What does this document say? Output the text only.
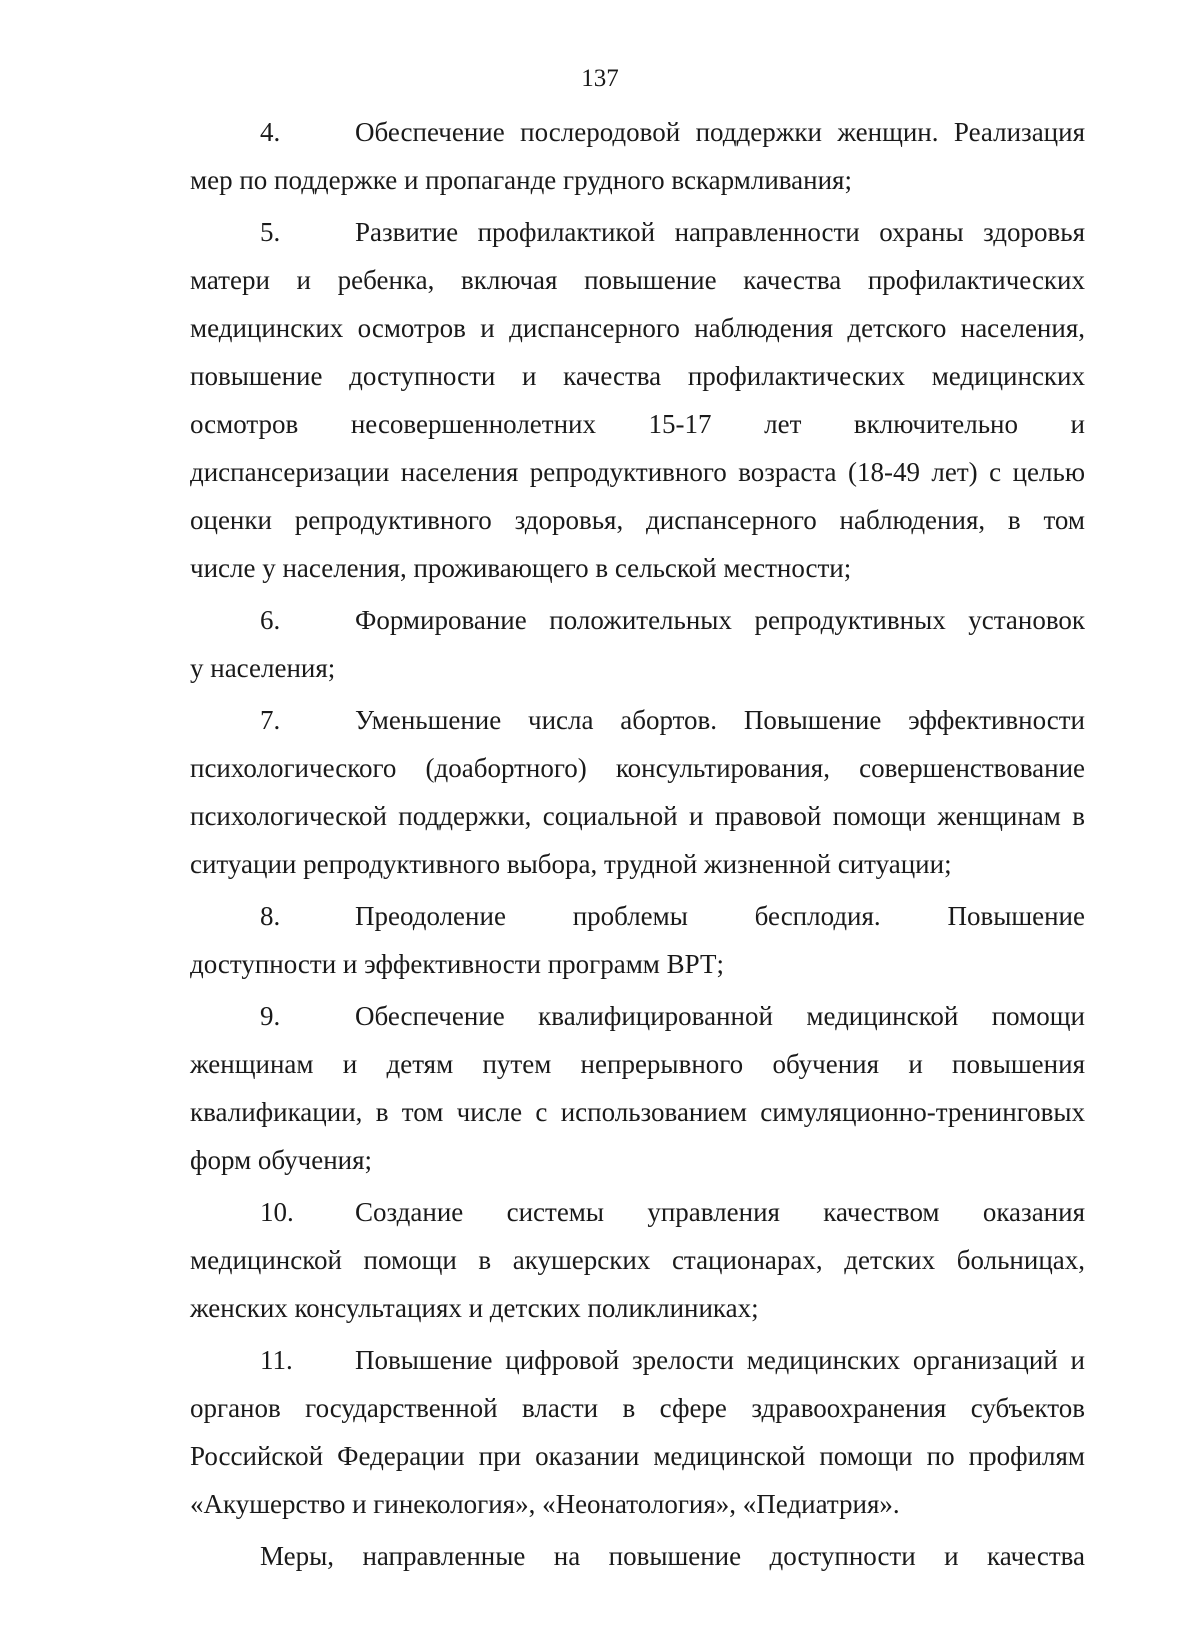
137
4.	Обеспечение послеродовой поддержки женщин. Реализация
мер по поддержке и пропаганде грудного вскармливания;
5.	Развитие профилактикой направленности охраны здоровья
матери и ребенка, включая повышение качества профилактических
медицинских осмотров и диспансерного наблюдения детского населения,
повышение доступности и качества профилактических медицинских
осмотров несовершеннолетних 15-17 лет включительно и
диспансеризации населения репродуктивного возраста (18-49 лет) с целью
оценки репродуктивного здоровья, диспансерного наблюдения, в том
числе у населения, проживающего в сельской местности;
6.	Формирование положительных репродуктивных установок
у населения;
7.	Уменьшение числа абортов. Повышение эффективности
психологического (доабортного) консультирования, совершенствование
психологической поддержки, социальной и правовой помощи женщинам в
ситуации репродуктивного выбора, трудной жизненной ситуации;
8.	Преодоление проблемы бесплодия. Повышение
доступности и эффективности программ ВРТ;
9.	Обеспечение квалифицированной медицинской помощи
женщинам и детям путем непрерывного обучения и повышения
квалификации, в том числе с использованием симуляционно-тренинговых
форм обучения;
10. Создание системы управления качеством оказания
медицинской помощи в акушерских стационарах, детских больницах,
женских консультациях и детских поликлиниках;
11. Повышение цифровой зрелости медицинских организаций и
органов государственной власти в сфере здравоохранения субъектов
Российской Федерации при оказании медицинской помощи по профилям
«Акушерство и гинекология», «Неонатология», «Педиатрия».
Меры, направленные на повышение доступности и качества
